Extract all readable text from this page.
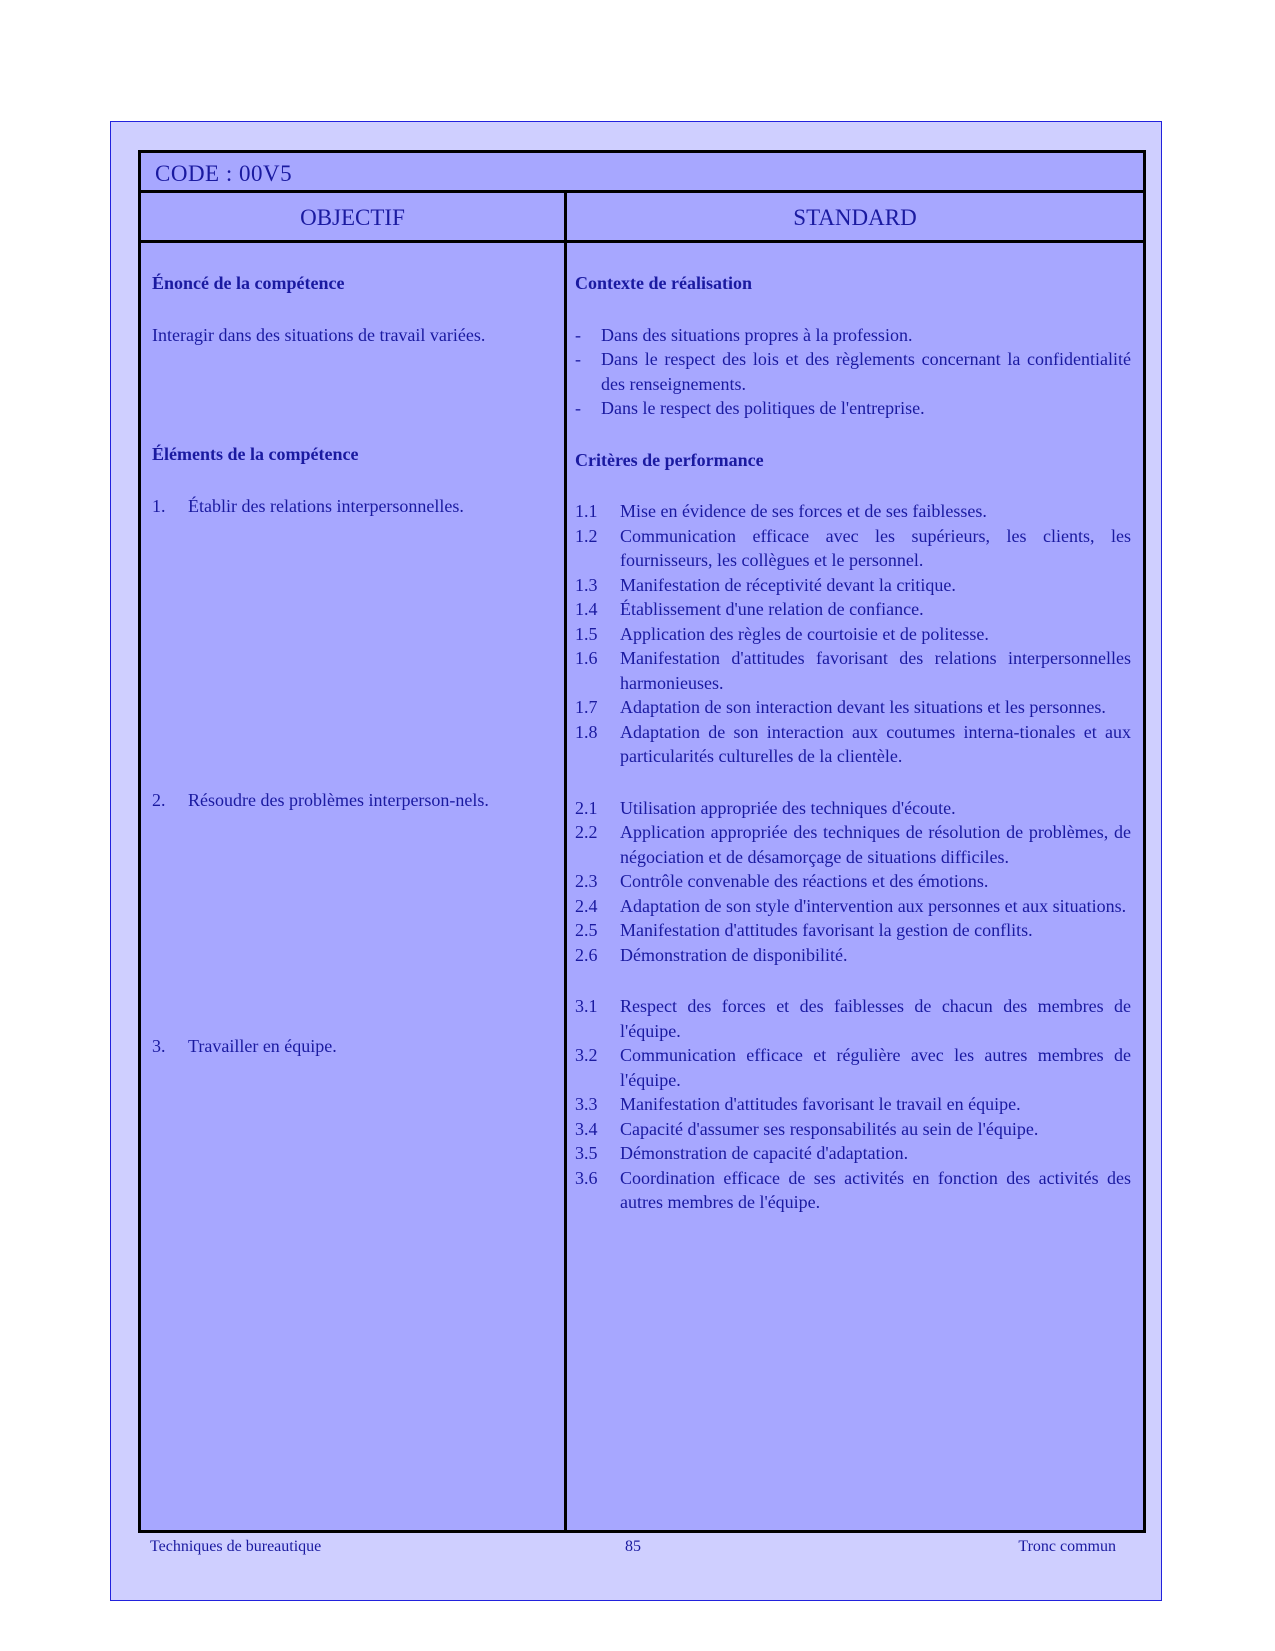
CODE : 00V5
OBJECTIF	STANDARD
Énoncé de la compétence
Interagir dans des situations de travail variées.
Éléments de la compétence
1.	Établir des relations interpersonnelles.
2.	Résoudre des problèmes interperson-nels.
3.	Travailler en équipe.
Contexte de réalisation
-	Dans des situations propres à la profession.
-	Dans le respect des lois et des règlements concernant la confidentialité des renseignements.
-	Dans le respect des politiques de l'entreprise.
Critères de performance
1.1	Mise en évidence de ses forces et de ses faiblesses.
1.2	Communication efficace avec les supérieurs, les clients, les fournisseurs, les collègues et le personnel.
1.3	Manifestation de réceptivité devant la critique.
1.4	Établissement d'une relation de confiance.
1.5	Application des règles de courtoisie et de politesse.
1.6	Manifestation d'attitudes favorisant des relations interpersonnelles harmonieuses.
1.7	Adaptation de son interaction devant les situations et les personnes.
1.8	Adaptation de son interaction aux coutumes interna-tionales et aux particularités culturelles de la clientèle.
2.1	Utilisation appropriée des techniques d'écoute.
2.2	Application appropriée des techniques de résolution de problèmes, de négociation et de désamorçage de situations difficiles.
2.3	Contrôle convenable des réactions et des émotions.
2.4	Adaptation de son style d'intervention aux personnes et aux situations.
2.5	Manifestation d'attitudes favorisant la gestion de conflits.
2.6	Démonstration de disponibilité.
3.1	Respect des forces et des faiblesses de chacun des membres de l'équipe.
3.2	Communication efficace et régulière avec les autres membres de l'équipe.
3.3	Manifestation d'attitudes favorisant le travail en équipe.
3.4	Capacité d'assumer ses responsabilités au sein de l'équipe.
3.5	Démonstration de capacité d'adaptation.
3.6	Coordination efficace de ses activités en fonction des activités des autres membres de l'équipe.
Techniques de bureautique	85	Tronc commun
